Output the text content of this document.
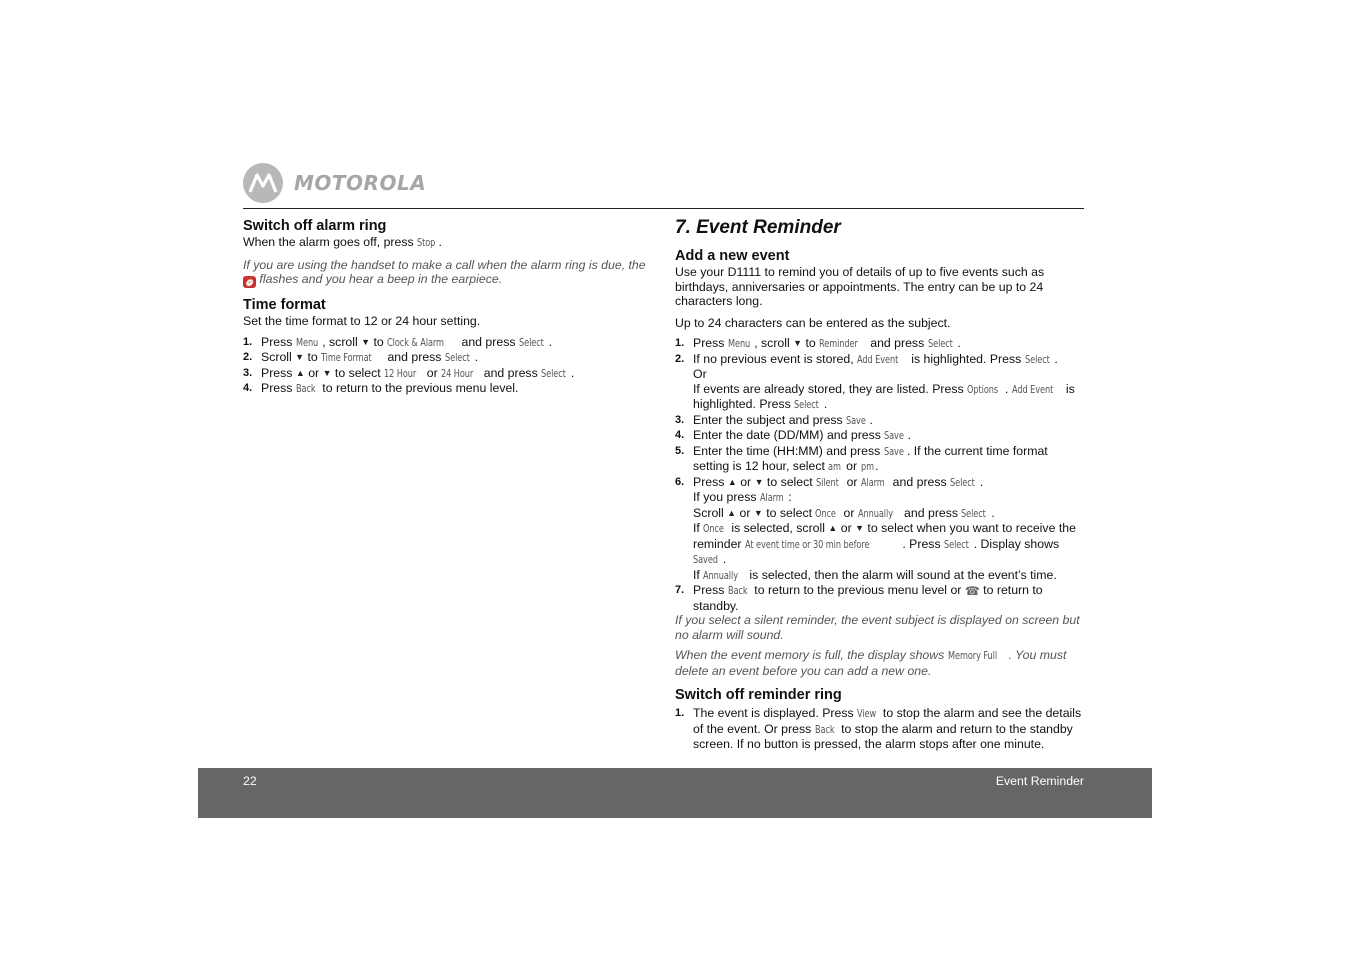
MOTOROLA
Switch off alarm ring

When the alarm goes off, press Stop .

If you are using the handset to make a call when the alarm ring is due, the ⏰ flashes and you hear a beep in the earpiece.

Time format

Set the time format to 12 or 24 hour setting.

1. Press Menu , scroll ▼ to Clock & Alarm and press Select .
2. Scroll ▼ to Time Format and press Select .
3. Press ▲ or ▼ to select 12 Hour or 24 Hour and press Select .
4. Press Back to return to the previous menu level.
7. Event Reminder
Add a new event

Use your D1111 to remind you of details of up to five events such as birthdays, anniversaries or appointments. The entry can be up to 24 characters long.

Up to 24 characters can be entered as the subject.

1. Press Menu , scroll ▼ to Reminder and press Select .
2. If no previous event is stored, Add Event is highlighted. Press Select .

Or

If events are already stored, they are listed. Press Options . Add Event is highlighted. Press Select .

3. Enter the subject and press Save .
4. Enter the date (DD/MM) and press Save .
5. Enter the time (HH:MM) and press Save . If the current time format setting is 12 hour, select am or pm .
6. Press ▲ or ▼ to select Silent or Alarm and press Select .

If you press Alarm :

Scroll ▲ or ▼ to select Once or Annually and press Select .

If Once is selected, scroll ▲ or ▼ to select when you want to receive the reminder At event time or 30 min before	. Press Select . Display shows Saved .

If Annually is selected, then the alarm will sound at the event’s time.

7. Press Back to return to the previous menu level or ☎ to return to standby.

If you select a silent reminder, the event subject is displayed on screen but no alarm will sound.

When the event memory is full, the display shows Memory Full . You must delete an event before you can add a new one.

Switch off reminder ring
1. The event is displayed. Press View to stop the alarm and see the details of the event. Or press Back to stop the alarm and return to the standby screen. If no button is pressed, the alarm stops after one minute.
22	Event Reminder
